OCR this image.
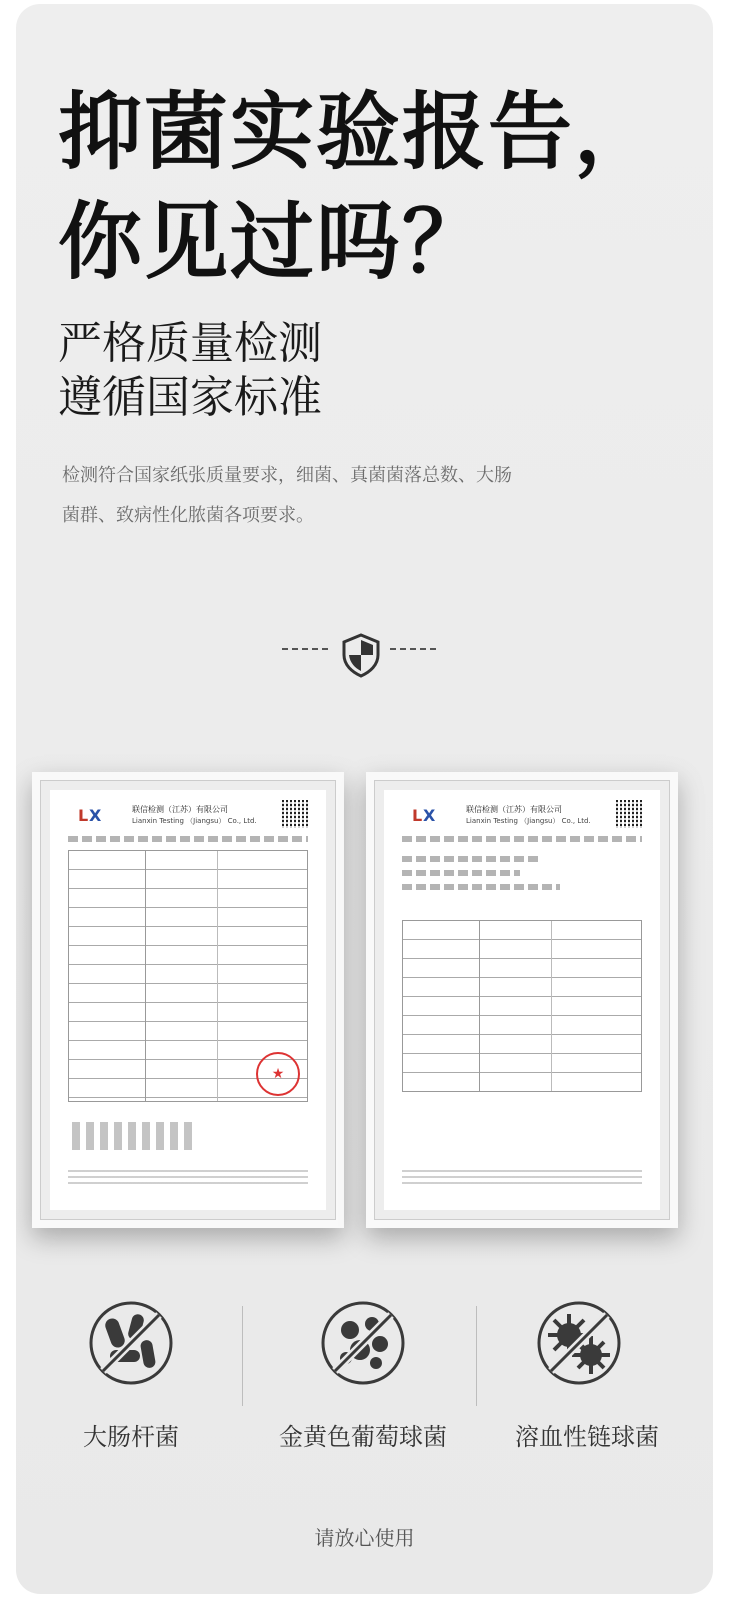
抑菌实验报告，
你见过吗？
严格质量检测
遵循国家标准
检测符合国家纸张质量要求，细菌、真菌菌落总数、大肠
菌群、致病性化脓菌各项要求。
L X	联信检测（江苏）有限公司
Lianxin Testing （Jiangsu） Co., Ltd.
★
L X	联信检测（江苏）有限公司
Lianxin Testing （Jiangsu） Co., Ltd.
大肠杆菌	金黄色葡萄球菌	溶血性链球菌
请放心使用
